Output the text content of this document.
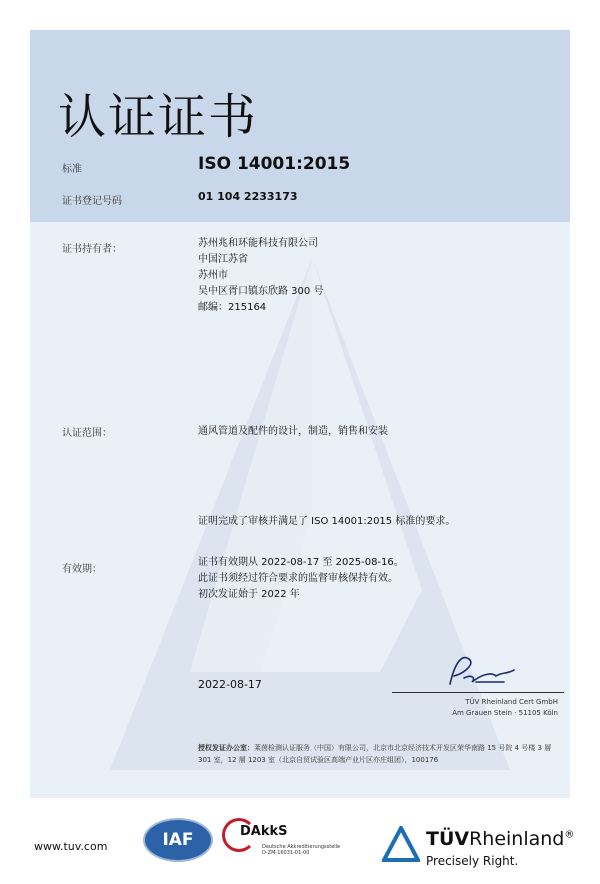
认证证书
标准	ISO 14001:2015
证书登记号码	01 104 2233173
证书持有者：
苏州兆和环能科技有限公司
中国江苏省
苏州市
吴中区胥口镇东欣路 300 号
邮编：215164
认证范围：	通风管道及配件的设计，制造，销售和安装
证明完成了审核并满足了 ISO 14001:2015 标准的要求。
有效期：
证书有效期从 2022-08-17 至 2025-08-16。
此证书须经过符合要求的监督审核保持有效。
初次发证始于 2022 年
2022-08-17
TÜV Rheinland Cert GmbH
Am Grauen Stein · 51105 Köln
授权发证办公室：莱茵检测认证服务（中国）有限公司，北京市北京经济技术开发区荣华南路 15 号院 4 号楼 3 層 301 室，12 層 1203 室（北京自贸试验区高端产业片区亦庄组团），100176
www.tuv.com	IAF	DAkkS
Deutsche Akkreditierungsstelle D-ZM-16031-01-00
TÜVRheinland®
Precisely Right.
